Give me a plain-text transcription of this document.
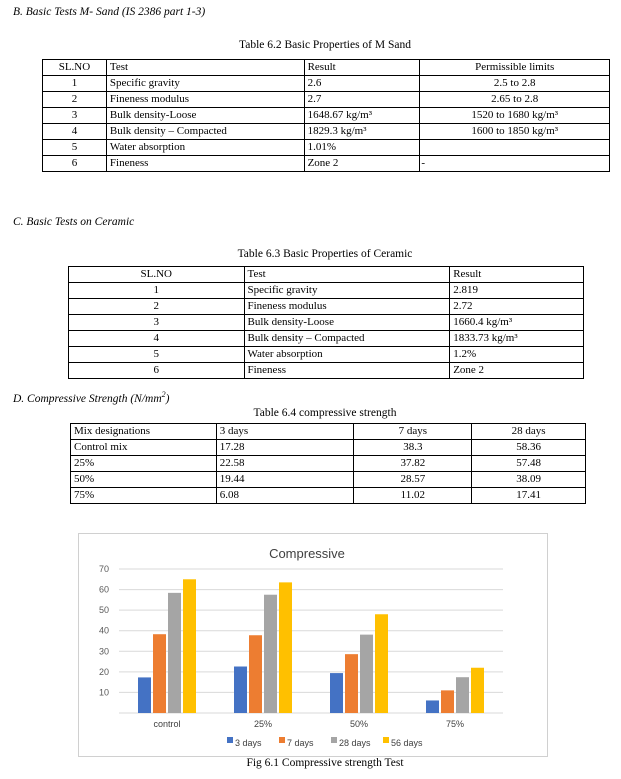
B. Basic Tests M- Sand (IS 2386 part 1-3)
Table 6.2 Basic Properties of M Sand
SL.NO	Test	Result	Permissible limits
1	Specific gravity	2.6	2.5 to 2.8
2	Fineness modulus	2.7	2.65 to 2.8
3	Bulk density-Loose	1648.67 kg/m³	1520 to 1680 kg/m³
4	Bulk density – Compacted	1829.3 kg/m³	1600 to 1850 kg/m³
5	Water absorption	1.01%	
6	Fineness	Zone 2	-
C. Basic Tests on Ceramic
Table 6.3 Basic Properties of Ceramic
SL.NO	Test	Result
1	Specific gravity	2.819
2	Fineness modulus	2.72
3	Bulk density-Loose	1660.4 kg/m³
4	Bulk density – Compacted	1833.73 kg/m³
5	Water absorption	1.2%
6	Fineness	Zone 2
D. Compressive Strength $(N/mm^2)$
Table 6.4 compressive strength
Mix designations	3 days	7 days	28 days
Control mix	17.28	38.3	58.36
25%	22.58	37.82	57.48
50%	19.44	28.57	38.09
75%	6.08	11.02	17.41
Compressive
10
20
30
40
50
60
70
control	25%	50%	75%
3 days	7 days	28 days 56 days
Fig 6.1 Compressive strength Test
